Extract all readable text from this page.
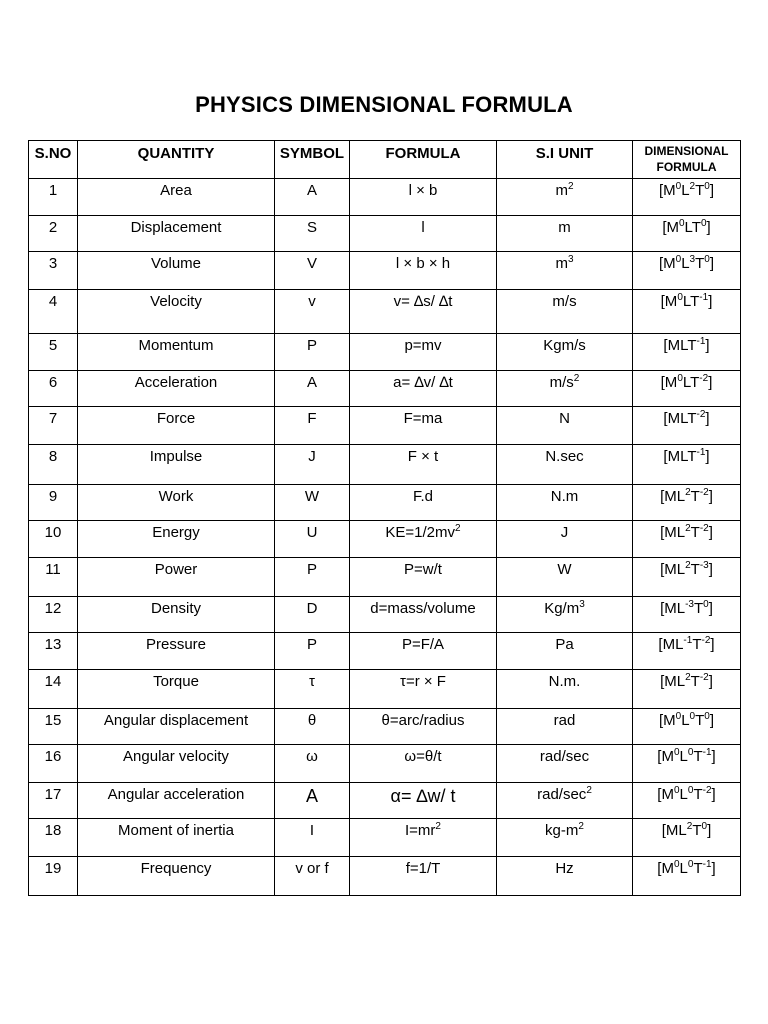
PHYSICS DIMENSIONAL FORMULA
S.NO	QUANTITY	SYMBOL	FORMULA	S.I UNIT	DIMENSIONAL FORMULA
1	Area	A	l × b	$m^2$	$[M^0L^2T^0]$
2	Displacement	S	l	m	$[M^0LT^0]$
3	Volume	V	l × b × h	$m^3$	$[M^0L^3T^0]$
4	Velocity	v	v= ∆s/ ∆t	m/s	$[M^0LT^{-1}]$
5	Momentum	P	p=mv	Kgm/s	$[MLT^{-1}]$
6	Acceleration	A	a= ∆v/ ∆t	$m/s^2$	$[M^0LT^{-2}]$
7	Force	F	F=ma	N	$[MLT^{-2}]$
8	Impulse	J	F × t	N.sec	$[MLT^{-1}]$
9	Work	W	F.d	N.m	$[ML^2T^{-2}]$
10	Energy	U	$KE=1/2mv^2$	J	$[ML^2T^{-2}]$
11	Power	P	P=w/t	W	$[ML^2T^{-3}]$
12	Density	D	d=mass/volume	$Kg/m^3$	$[ML^{-3}T^0]$
13	Pressure	P	P=F/A	Pa	$[ML^{-1}T^{-2}]$
14	Torque	τ	τ=r × F	N.m.	$[ML^2T^{-2}]$
15	Angular displacement	θ	θ=arc/radius	rad	$[M^0L^0T^0]$
16	Angular velocity	ω	ω=θ/t	rad/sec	$[M^0L^0T^{-1}]$
17	Angular acceleration	A	α= ∆w/ t	rad/$\sec^2$	$[M^0L^0T^{-2}]$
18	Moment of inertia	I	$I=mr^2$	$kg-m^2$	$[ML^2T^0]$
19	Frequency	v or f	f=1/T	Hz	$[M^0L^0T^{-1}]$
